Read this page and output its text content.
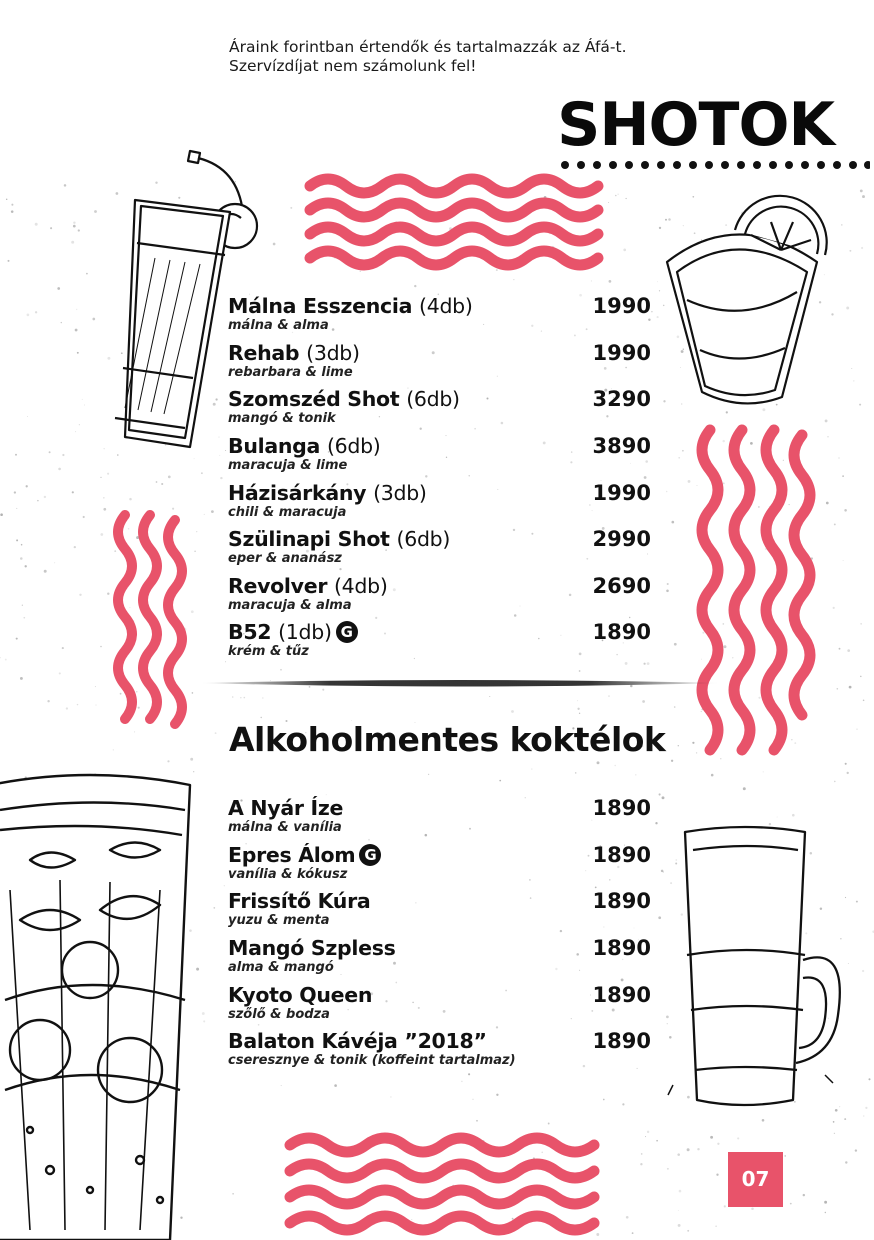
Áraink forintban értendők és tartalmazzák az Áfá-t.
Szervízdíjat nem számolunk fel!
SHOTOK
Málna Esszencia (4db)
málna & alma
1990
Rehab (3db)
rebarbara & lime
1990
Szomszéd Shot (6db)
mangó & tonik
3290
Bulanga (6db)
maracuja & lime
3890
Házisárkány (3db)
chili & maracuja
1990
Szülinapi Shot (6db)
eper & ananász
2990
Revolver (4db)
maracuja & alma
2690
B52 (1db) G
krém & tűz
1890
Alkoholmentes koktélok
A Nyár Íze
málna & vanília
1890
Epres Álom G
vanília & kókusz
1890
Frissítő Kúra
yuzu & menta
1890
Mangó Szpless
alma & mangó
1890
Kyoto Queen
szőlő & bodza
1890
Balaton Kávéja ”2018”
cseresznye & tonik (koffeint tartalmaz)
1890
07
